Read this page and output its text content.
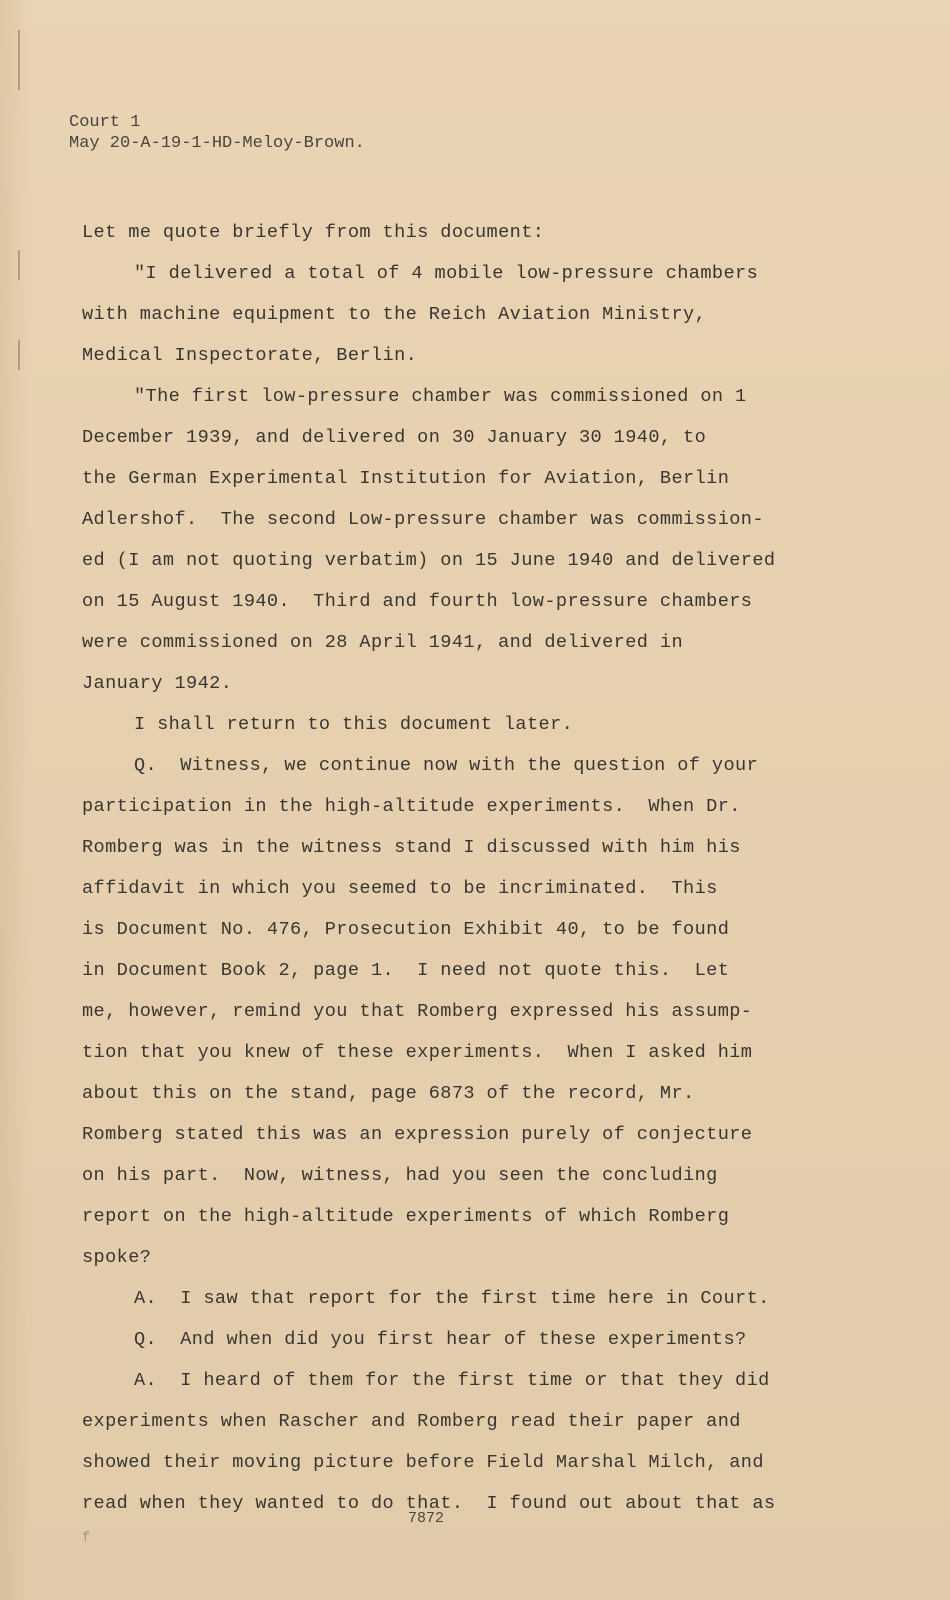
Court 1
May 20-A-19-1-HD-Meloy-Brown.
Let me quote briefly from this document:
"I delivered a total of 4 mobile low-pressure chambers
with machine equipment to the Reich Aviation Ministry,
Medical Inspectorate, Berlin.
"The first low-pressure chamber was commissioned on 1
December 1939, and delivered on 30 January 30 1940, to
the German Experimental Institution for Aviation, Berlin
Adlershof.  The second Low-pressure chamber was commission-
ed (I am not quoting verbatim) on 15 June 1940 and delivered
on 15 August 1940.  Third and fourth low-pressure chambers
were commissioned on 28 April 1941, and delivered in
January 1942.
I shall return to this document later.
Q.  Witness, we continue now with the question of your
participation in the high-altitude experiments.  When Dr.
Romberg was in the witness stand I discussed with him his
affidavit in which you seemed to be incriminated.  This
is Document No. 476, Prosecution Exhibit 40, to be found
in Document Book 2, page 1.  I need not quote this.  Let
me, however, remind you that Romberg expressed his assump-
tion that you knew of these experiments.  When I asked him
about this on the stand, page 6873 of the record, Mr.
Romberg stated this was an expression purely of conjecture
on his part.  Now, witness, had you seen the concluding
report on the high-altitude experiments of which Romberg
spoke?
A.  I saw that report for the first time here in Court.
Q.  And when did you first hear of these experiments?
A.  I heard of them for the first time or that they did
experiments when Rascher and Romberg read their paper and
showed their moving picture before Field Marshal Milch, and
read when they wanted to do that.  I found out about that as
7872
f
